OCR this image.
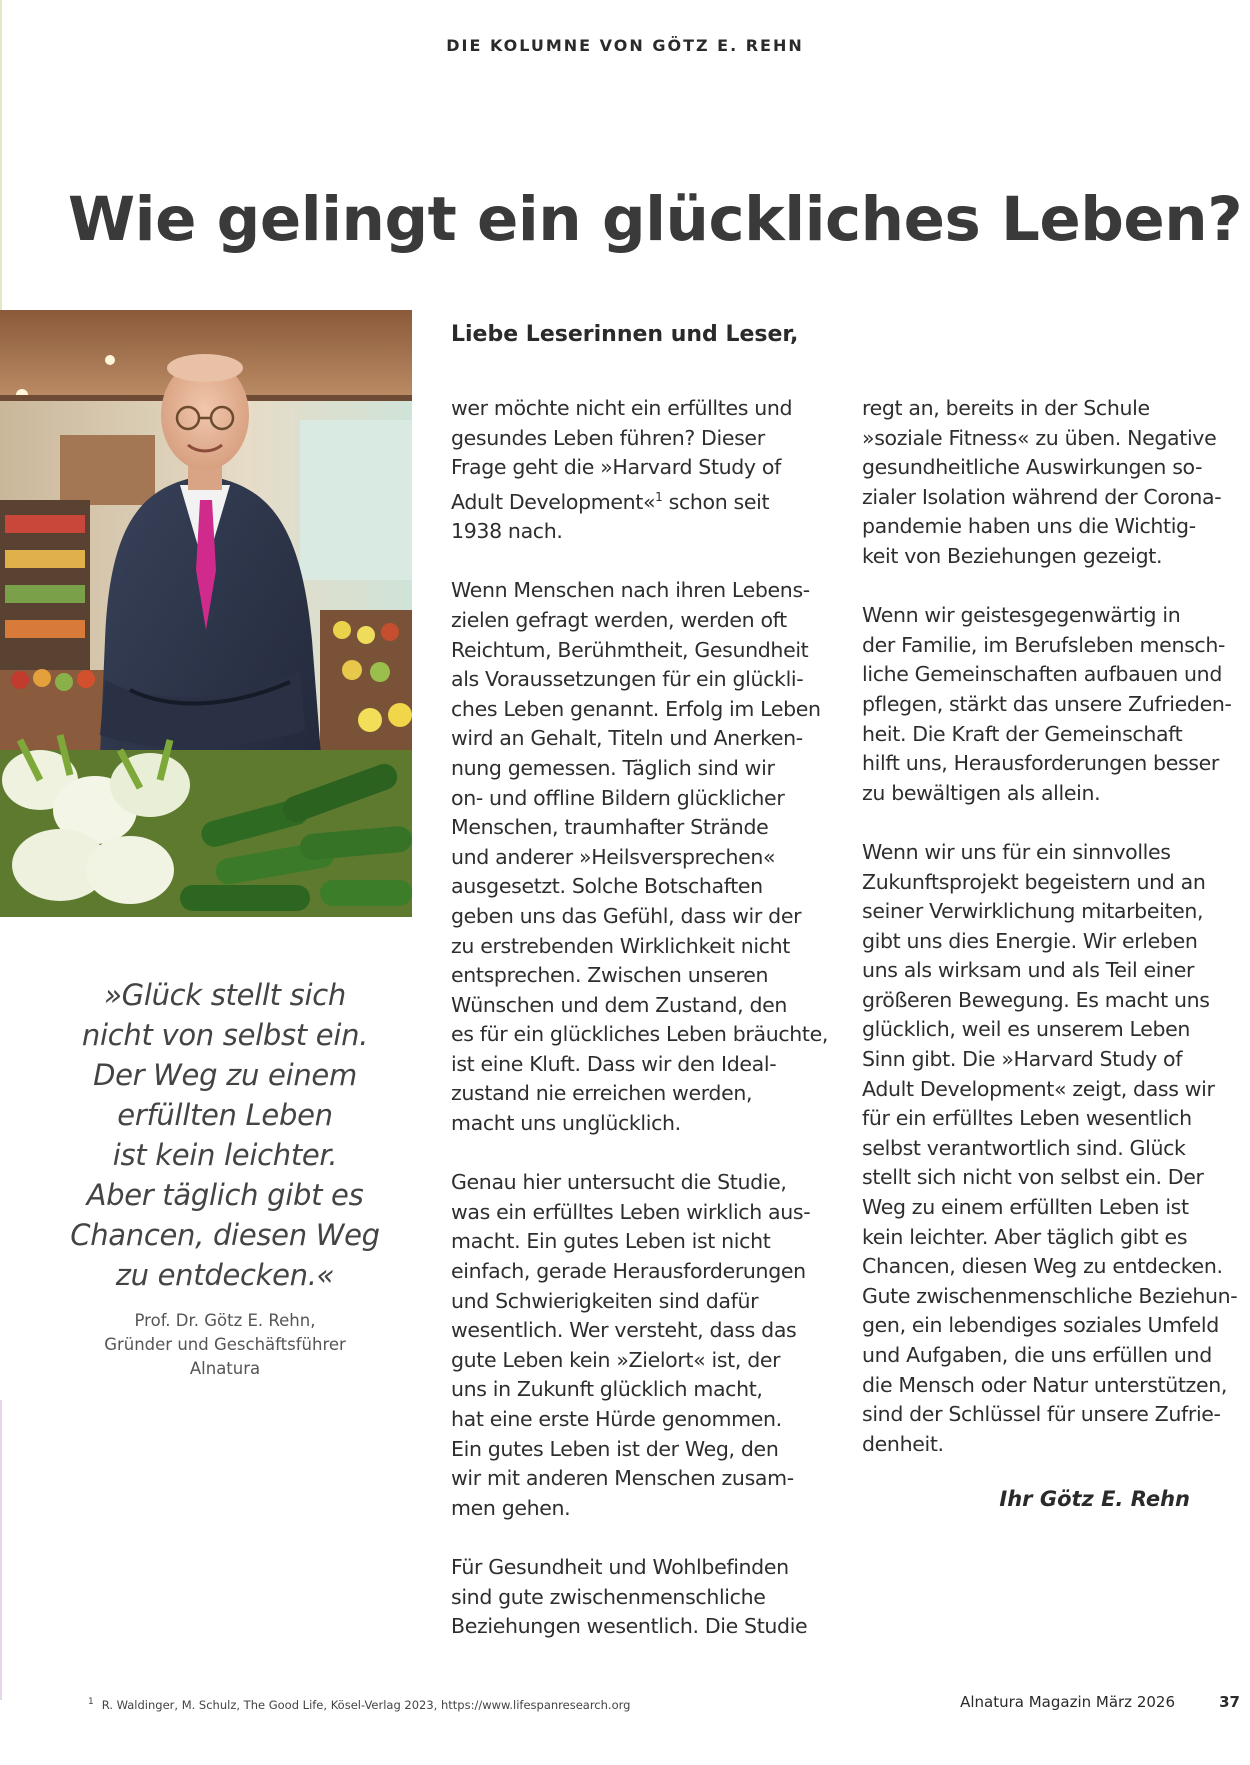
DIE KOLUMNE VON GÖTZ E. REHN
Wie gelingt ein glückliches Leben?
»Glück stellt sich
nicht von selbst ein.
Der Weg zu einem
erfüllten Leben
ist kein leichter.
Aber täglich gibt es
Chancen, diesen Weg
zu entdecken.«
Prof. Dr. Götz E. Rehn,
Gründer und Geschäftsführer
Alnatura
Liebe Leserinnen und Leser,

wer möchte nicht ein erfülltes und
gesundes Leben führen? Dieser
Frage geht die »Harvard Study of
Adult Development«$^1$ schon seit
1938 nach.

Wenn Menschen nach ihren Lebens-
zielen gefragt werden, werden oft
Reichtum, Berühmtheit, Gesundheit
als Voraussetzungen für ein glückli-
ches Leben genannt. Erfolg im Leben
wird an Gehalt, Titeln und Anerken-
nung gemessen. Täglich sind wir
on- und offline Bildern glücklicher
Menschen, traumhafter Strände
und anderer »Heilsversprechen«
ausgesetzt. Solche Botschaften
geben uns das Gefühl, dass wir der
zu erstrebenden Wirklichkeit nicht
entsprechen. Zwischen unseren
Wünschen und dem Zustand, den
es für ein glückliches Leben bräuchte,
ist eine Kluft. Dass wir den Ideal-
zustand nie erreichen werden,
macht uns unglücklich.

Genau hier untersucht die Studie,
was ein erfülltes Leben wirklich aus-
macht. Ein gutes Leben ist nicht
einfach, gerade Herausforderungen
und Schwierigkeiten sind dafür
wesentlich. Wer versteht, dass das
gute Leben kein »Zielort« ist, der
uns in Zukunft glücklich macht,
hat eine erste Hürde genommen.
Ein gutes Leben ist der Weg, den
wir mit anderen Menschen zusam-
men gehen.

Für Gesundheit und Wohlbefinden
sind gute zwischenmenschliche
Beziehungen wesentlich. Die Studie

regt an, bereits in der Schule
»soziale Fitness« zu üben. Negative
gesundheitliche Auswirkungen so-
zialer Isolation während der Corona-
pandemie haben uns die Wichtig-
keit von Beziehungen gezeigt.

Wenn wir geistesgegenwärtig in
der Familie, im Berufsleben mensch-
liche Gemeinschaften aufbauen und
pflegen, stärkt das unsere Zufrieden-
heit. Die Kraft der Gemeinschaft
hilft uns, Herausforderungen besser
zu bewältigen als allein.

Wenn wir uns für ein sinnvolles
Zukunftsprojekt begeistern und an
seiner Verwirklichung mitarbeiten,
gibt uns dies Energie. Wir erleben
uns als wirksam und als Teil einer
größeren Bewegung. Es macht uns
glücklich, weil es unserem Leben
Sinn gibt. Die »Harvard Study of
Adult Development« zeigt, dass wir
für ein erfülltes Leben wesentlich
selbst verantwortlich sind. Glück
stellt sich nicht von selbst ein. Der
Weg zu einem erfüllten Leben ist
kein leichter. Aber täglich gibt es
Chancen, diesen Weg zu entdecken.
Gute zwischenmenschliche Beziehun-
gen, ein lebendiges soziales Umfeld
und Aufgaben, die uns erfüllen und
die Mensch oder Natur unterstützen,
sind der Schlüssel für unsere Zufrie-
denheit.

Ihr Götz E. Rehn
$^1$ R. Waldinger, M. Schulz, The Good Life, Kösel-Verlag 2023, https://www.lifespanresearch.org	Alnatura Magazin März 2026	37
